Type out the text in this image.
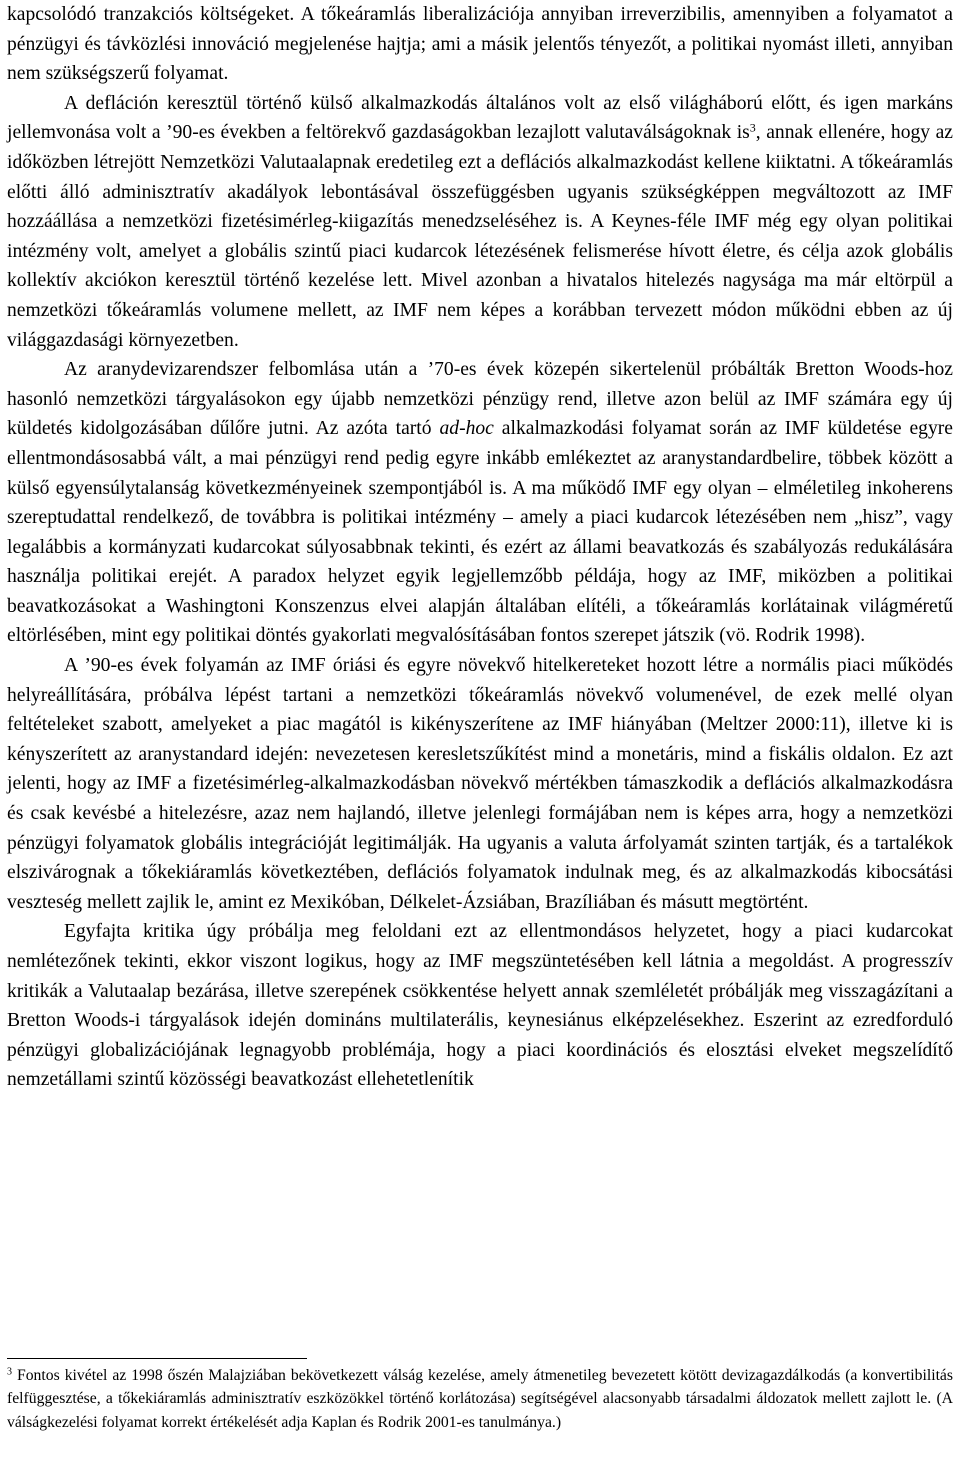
kapcsolódó tranzakciós költségeket. A tőkeáramlás liberalizációja annyiban irreverzibilis, amennyiben a folyamatot a pénzügyi és távközlési innováció megjelenése hajtja; ami a másik jelentős tényezőt, a politikai nyomást illeti, annyiban nem szükségszerű folyamat.

A defláción keresztül történő külső alkalmazkodás általános volt az első világháború előtt, és igen markáns jellemvonása volt a ’90-es években a feltörekvő gazdaságokban lezajlott valutaválságoknak $is^3$, annak ellenére, hogy az időközben létrejött Nemzetközi Valutaalapnak eredetileg ezt a deflációs alkalmazkodást kellene kiiktatni. A tőkeáramlás előtti álló adminisztratív akadályok lebontásával összefüggésben ugyanis szükségképpen megváltozott az IMF hozzáállása a nemzetközi fizetésimérleg-kiigazítás menedzseléséhez is. A Keynes-féle IMF még egy olyan politikai intézmény volt, amelyet a globális szintű piaci kudarcok létezésének felismerése hívott életre, és célja azok globális kollektív akciókon keresztül történő kezelése lett. Mivel azonban a hivatalos hitelezés nagysága ma már eltörpül a nemzetközi tőkeáramlás volumene mellett, az IMF nem képes a korábban tervezett módon működni ebben az új világgazdasági környezetben.

Az aranydevizarendszer felbomlása után a ’70-es évek közepén sikertelenül próbálták Bretton Woods-hoz hasonló nemzetközi tárgyalásokon egy újabb nemzetközi pénzügy rend, illetve azon belül az IMF számára egy új küldetés kidolgozásában dűlőre jutni. Az azóta tartó ad-hoc alkalmazkodási folyamat során az IMF küldetése egyre ellentmondásosabbá vált, a mai pénzügyi rend pedig egyre inkább emlékeztet az aranystandardbelire, többek között a külső egyensúlytalanság következményeinek szempontjából is. A ma működő IMF egy olyan – elméletileg inkoherens szereptudattal rendelkező, de továbbra is politikai intézmény – amely a piaci kudarcok létezésében nem „hisz”, vagy legalábbis a kormányzati kudarcokat súlyosabbnak tekinti, és ezért az állami beavatkozás és szabályozás redukálására használja politikai erejét. A paradox helyzet egyik legjellemzőbb példája, hogy az IMF, miközben a politikai beavatkozásokat a Washingtoni Konszenzus elvei alapján általában elítéli, a tőkeáramlás korlátainak világméretű eltörlésében, mint egy politikai döntés gyakorlati megvalósításában fontos szerepet játszik (vö. Rodrik 1998).

A ’90-es évek folyamán az IMF óriási és egyre növekvő hitelkereteket hozott létre a normális piaci működés helyreállítására, próbálva lépést tartani a nemzetközi tőkeáramlás növekvő volumenével, de ezek mellé olyan feltételeket szabott, amelyeket a piac magától is kikényszerítene az IMF hiányában (Meltzer 2000:11), illetve ki is kényszerített az aranystandard idején: nevezetesen keresletszűkítést mind a monetáris, mind a fiskális oldalon. Ez azt jelenti, hogy az IMF a fizetésimérleg-alkalmazkodásban növekvő mértékben támaszkodik a deflációs alkalmazkodásra és csak kevésbé a hitelezésre, azaz nem hajlandó, illetve jelenlegi formájában nem is képes arra, hogy a nemzetközi pénzügyi folyamatok globális integrációját legitimálják. Ha ugyanis a valuta árfolyamát szinten tartják, és a tartalékok elszivárognak a tőkekiáramlás következtében, deflációs folyamatok indulnak meg, és az alkalmazkodás kibocsátási veszteség mellett zajlik le, amint ez Mexikóban, Délkelet-Ázsiában, Brazíliában és másutt megtörtént.

Egyfajta kritika úgy próbálja meg feloldani ezt az ellentmondásos helyzetet, hogy a piaci kudarcokat nemlétezőnek tekinti, ekkor viszont logikus, hogy az IMF megszüntetésében kell látnia a megoldást. A progresszív kritikák a Valutaalap bezárása, illetve szerepének csökkentése helyett annak szemléletét próbálják meg visszagázítani a Bretton Woods-i tárgyalások idején domináns multilaterális, keynesiánus elképzelésekhez. Eszerint az ezredforduló pénzügyi globalizációjának legnagyobb problémája, hogy a piaci koordinációs és elosztási elveket megszelídítő nemzetállami szintű közösségi beavatkozást ellehetetlenítik

$^3$ Fontos kivétel az 1998 őszén Malajziában bekövetkezett válság kezelése, amely átmenetileg bevezetett kötött devizagazdálkodás (a konvertibilitás felfüggesztése, a tőkekiáramlás adminisztratív eszközökkel történő korlátozása) segítségével alacsonyabb társadalmi áldozatok mellett zajlott le. (A válságkezelési folyamat korrekt értékelését adja Kaplan és Rodrik 2001-es tanulmánya.)
